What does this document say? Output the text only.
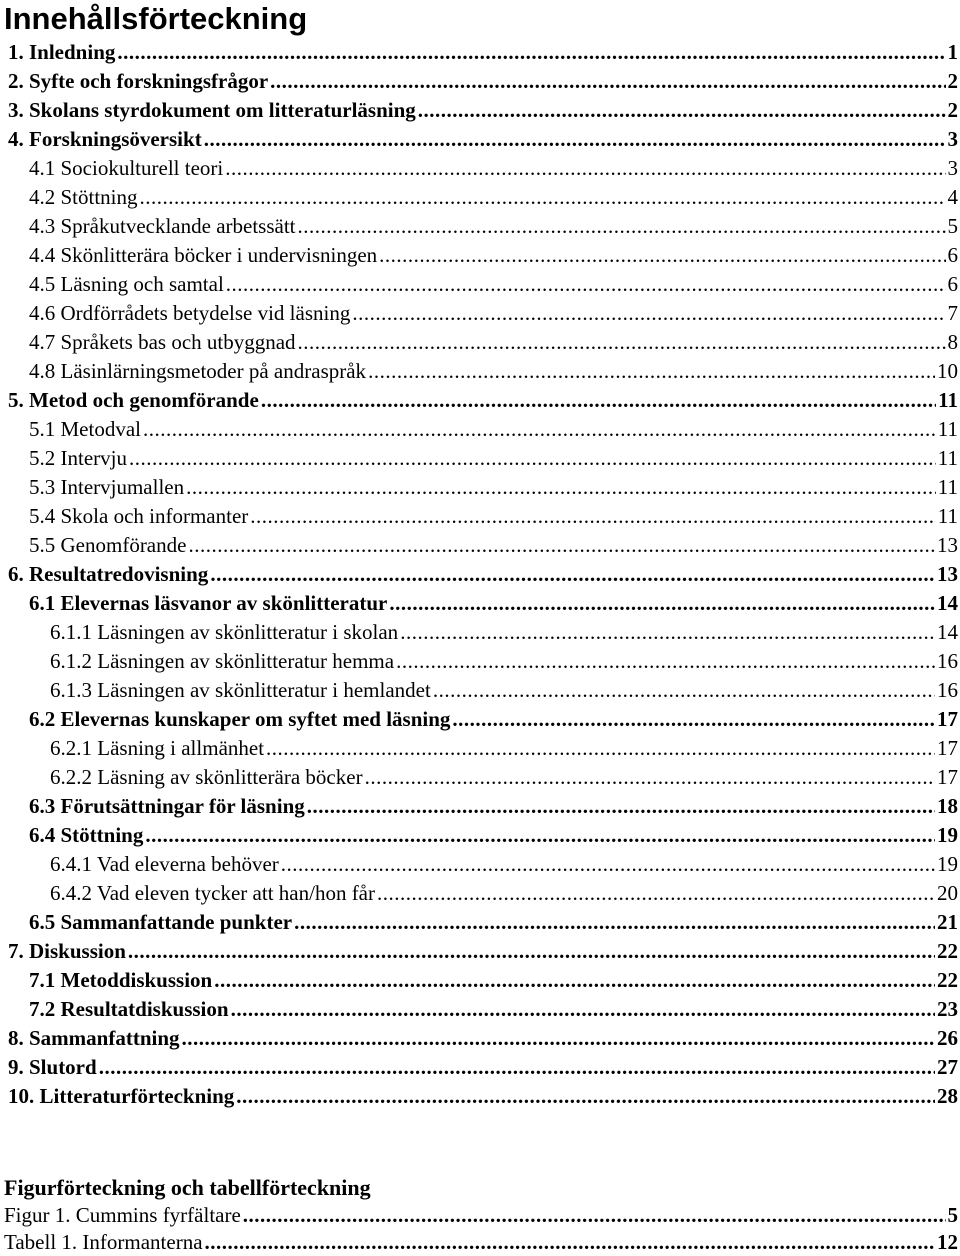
Innehållsförteckning
1. Inledning .....	1
2. Syfte och forskningsfrågor .....	2
3. Skolans styrdokument om litteraturläsning .....	2
4. Forskningsöversikt .....	3
4.1 Sociokulturell teori .....	3
4.2 Stöttning .....	4
4.3 Språkutvecklande arbetssätt .....	5
4.4 Skönlitterära böcker i undervisningen .....	6
4.5 Läsning och samtal .....	6
4.6 Ordförrådets betydelse vid läsning .....	7
4.7 Språkets bas och utbyggnad .....	8
4.8 Läsinlärningsmetoder på andraspråk .....	10
5. Metod och genomförande .....	11
5.1 Metodval .....	11
5.2 Intervju .....	11
5.3 Intervjumallen .....	11
5.4 Skola och informanter .....	11
5.5 Genomförande .....	13
6. Resultatredovisning .....	13
6.1 Elevernas läsvanor av skönlitteratur .....	14
6.1.1 Läsningen av skönlitteratur i skolan .....	14
6.1.2 Läsningen av skönlitteratur hemma .....	16
6.1.3 Läsningen av skönlitteratur i hemlandet .....	16
6.2 Elevernas kunskaper om syftet med läsning .....	17
6.2.1 Läsning i allmänhet .....	17
6.2.2 Läsning av skönlitterära böcker .....	17
6.3 Förutsättningar för läsning .....	18
6.4 Stöttning .....	19
6.4.1 Vad eleverna behöver .....	19
6.4.2 Vad eleven tycker att han/hon får .....	20
6.5 Sammanfattande punkter .....	21
7. Diskussion .....	22
7.1 Metoddiskussion .....	22
7.2 Resultatdiskussion .....	23
8. Sammanfattning .....	26
9. Slutord .....	27
10. Litteraturförteckning .....	28
Figurförteckning och tabellförteckning
Figur 1. Cummins fyrfältare .....	5
Tabell 1. Informanterna .....	12
